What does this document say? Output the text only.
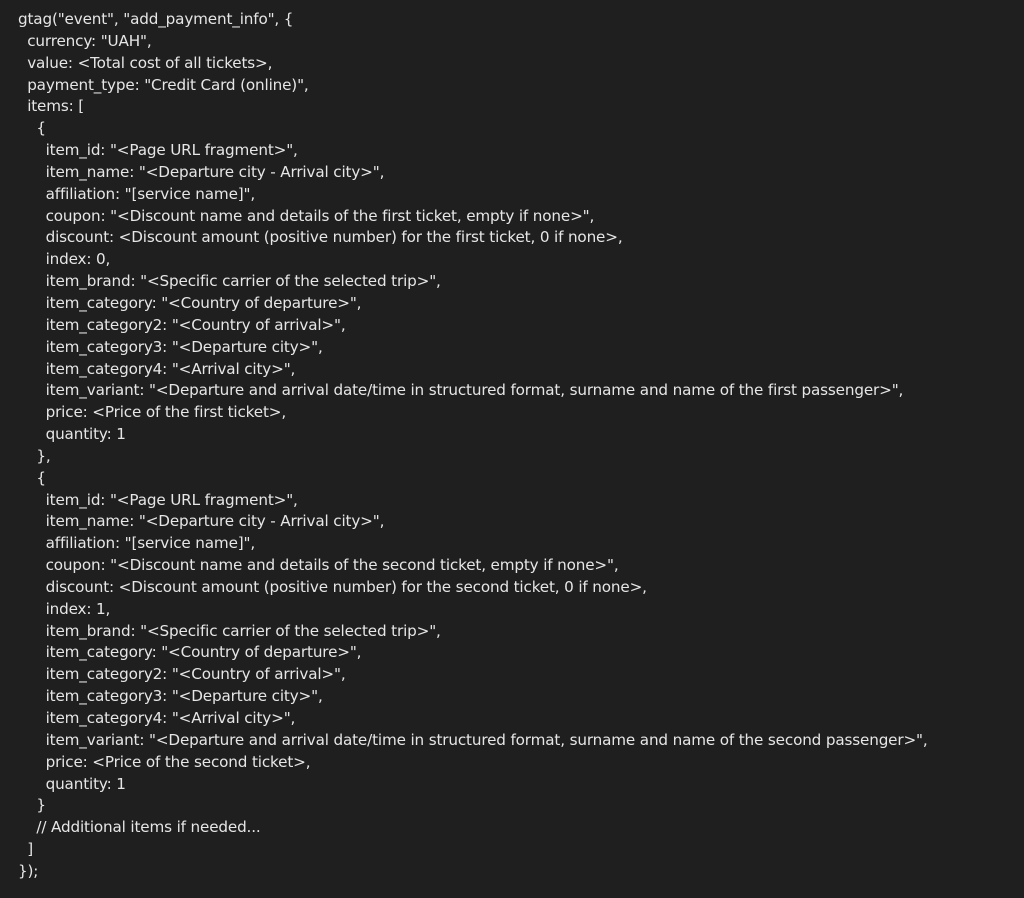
gtag("event", "add_payment_info", {
currency: "UAH",
value: <Total cost of all tickets>,
payment_type: "Credit Card (online)",
items: [
{
item_id: "<Page URL fragment>",
item_name: "<Departure city - Arrival city>",
affiliation: "[service name]",
coupon: "<Discount name and details of the first ticket, empty if none>",
discount: <Discount amount (positive number) for the first ticket, 0 if none>,
index: 0,
item_brand: "<Specific carrier of the selected trip>",
item_category: "<Country of departure>",
item_category2: "<Country of arrival>",
item_category3: "<Departure city>",
item_category4: "<Arrival city>",
item_variant: "<Departure and arrival date/time in structured format, surname and name of the first passenger>",
price: <Price of the first ticket>,
quantity: 1
},
{
item_id: "<Page URL fragment>",
item_name: "<Departure city - Arrival city>",
affiliation: "[service name]",
coupon: "<Discount name and details of the second ticket, empty if none>",
discount: <Discount amount (positive number) for the second ticket, 0 if none>,
index: 1,
item_brand: "<Specific carrier of the selected trip>",
item_category: "<Country of departure>",
item_category2: "<Country of arrival>",
item_category3: "<Departure city>",
item_category4: "<Arrival city>",
item_variant: "<Departure and arrival date/time in structured format, surname and name of the second passenger>",
price: <Price of the second ticket>,
quantity: 1
}
// Additional items if needed...
]
});
